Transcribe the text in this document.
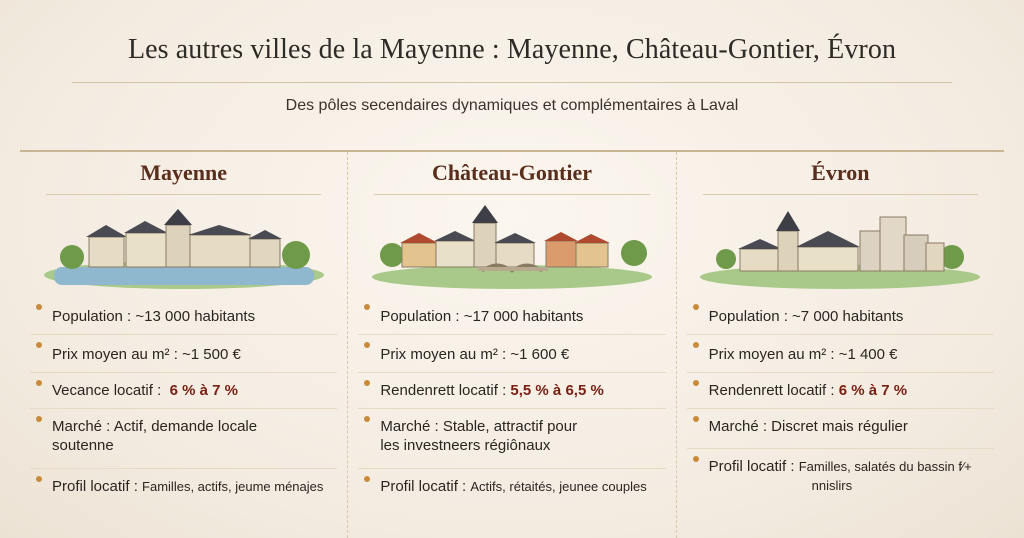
Les autres villes de la Mayenne : Mayenne, Château-Gontier, Évron
Des pôles secendaires dynamiques et complémentaires à Laval
Mayenne
Population : ~13 000 habitants
Prix moyen au m² : ~1 500 €
Vecance locatif : 6 % à 7 %
Marché : Actif, demande locale
soutenne
Profil locatif : Familles, actifs, jeume ménajes
Château-Gontier
Population : ~17 000 habitants
Prix moyen au m² : ~1 600 €
Rendenrett locatif : 5,5 % à 6,5 %
Marché : Stable, attractif pour
les investneers régiônaux
Profil locatif : Actifs, rétaités, jeunee couples
Évron
Population : ~7 000 habitants
Prix moyen au m² : ~1 400 €
Rendenrett locatif : 6 % à 7 %
Marché : Discret mais régulier
Profil locatif : Familles, salatés du bassin f⁄+
nnislirs
